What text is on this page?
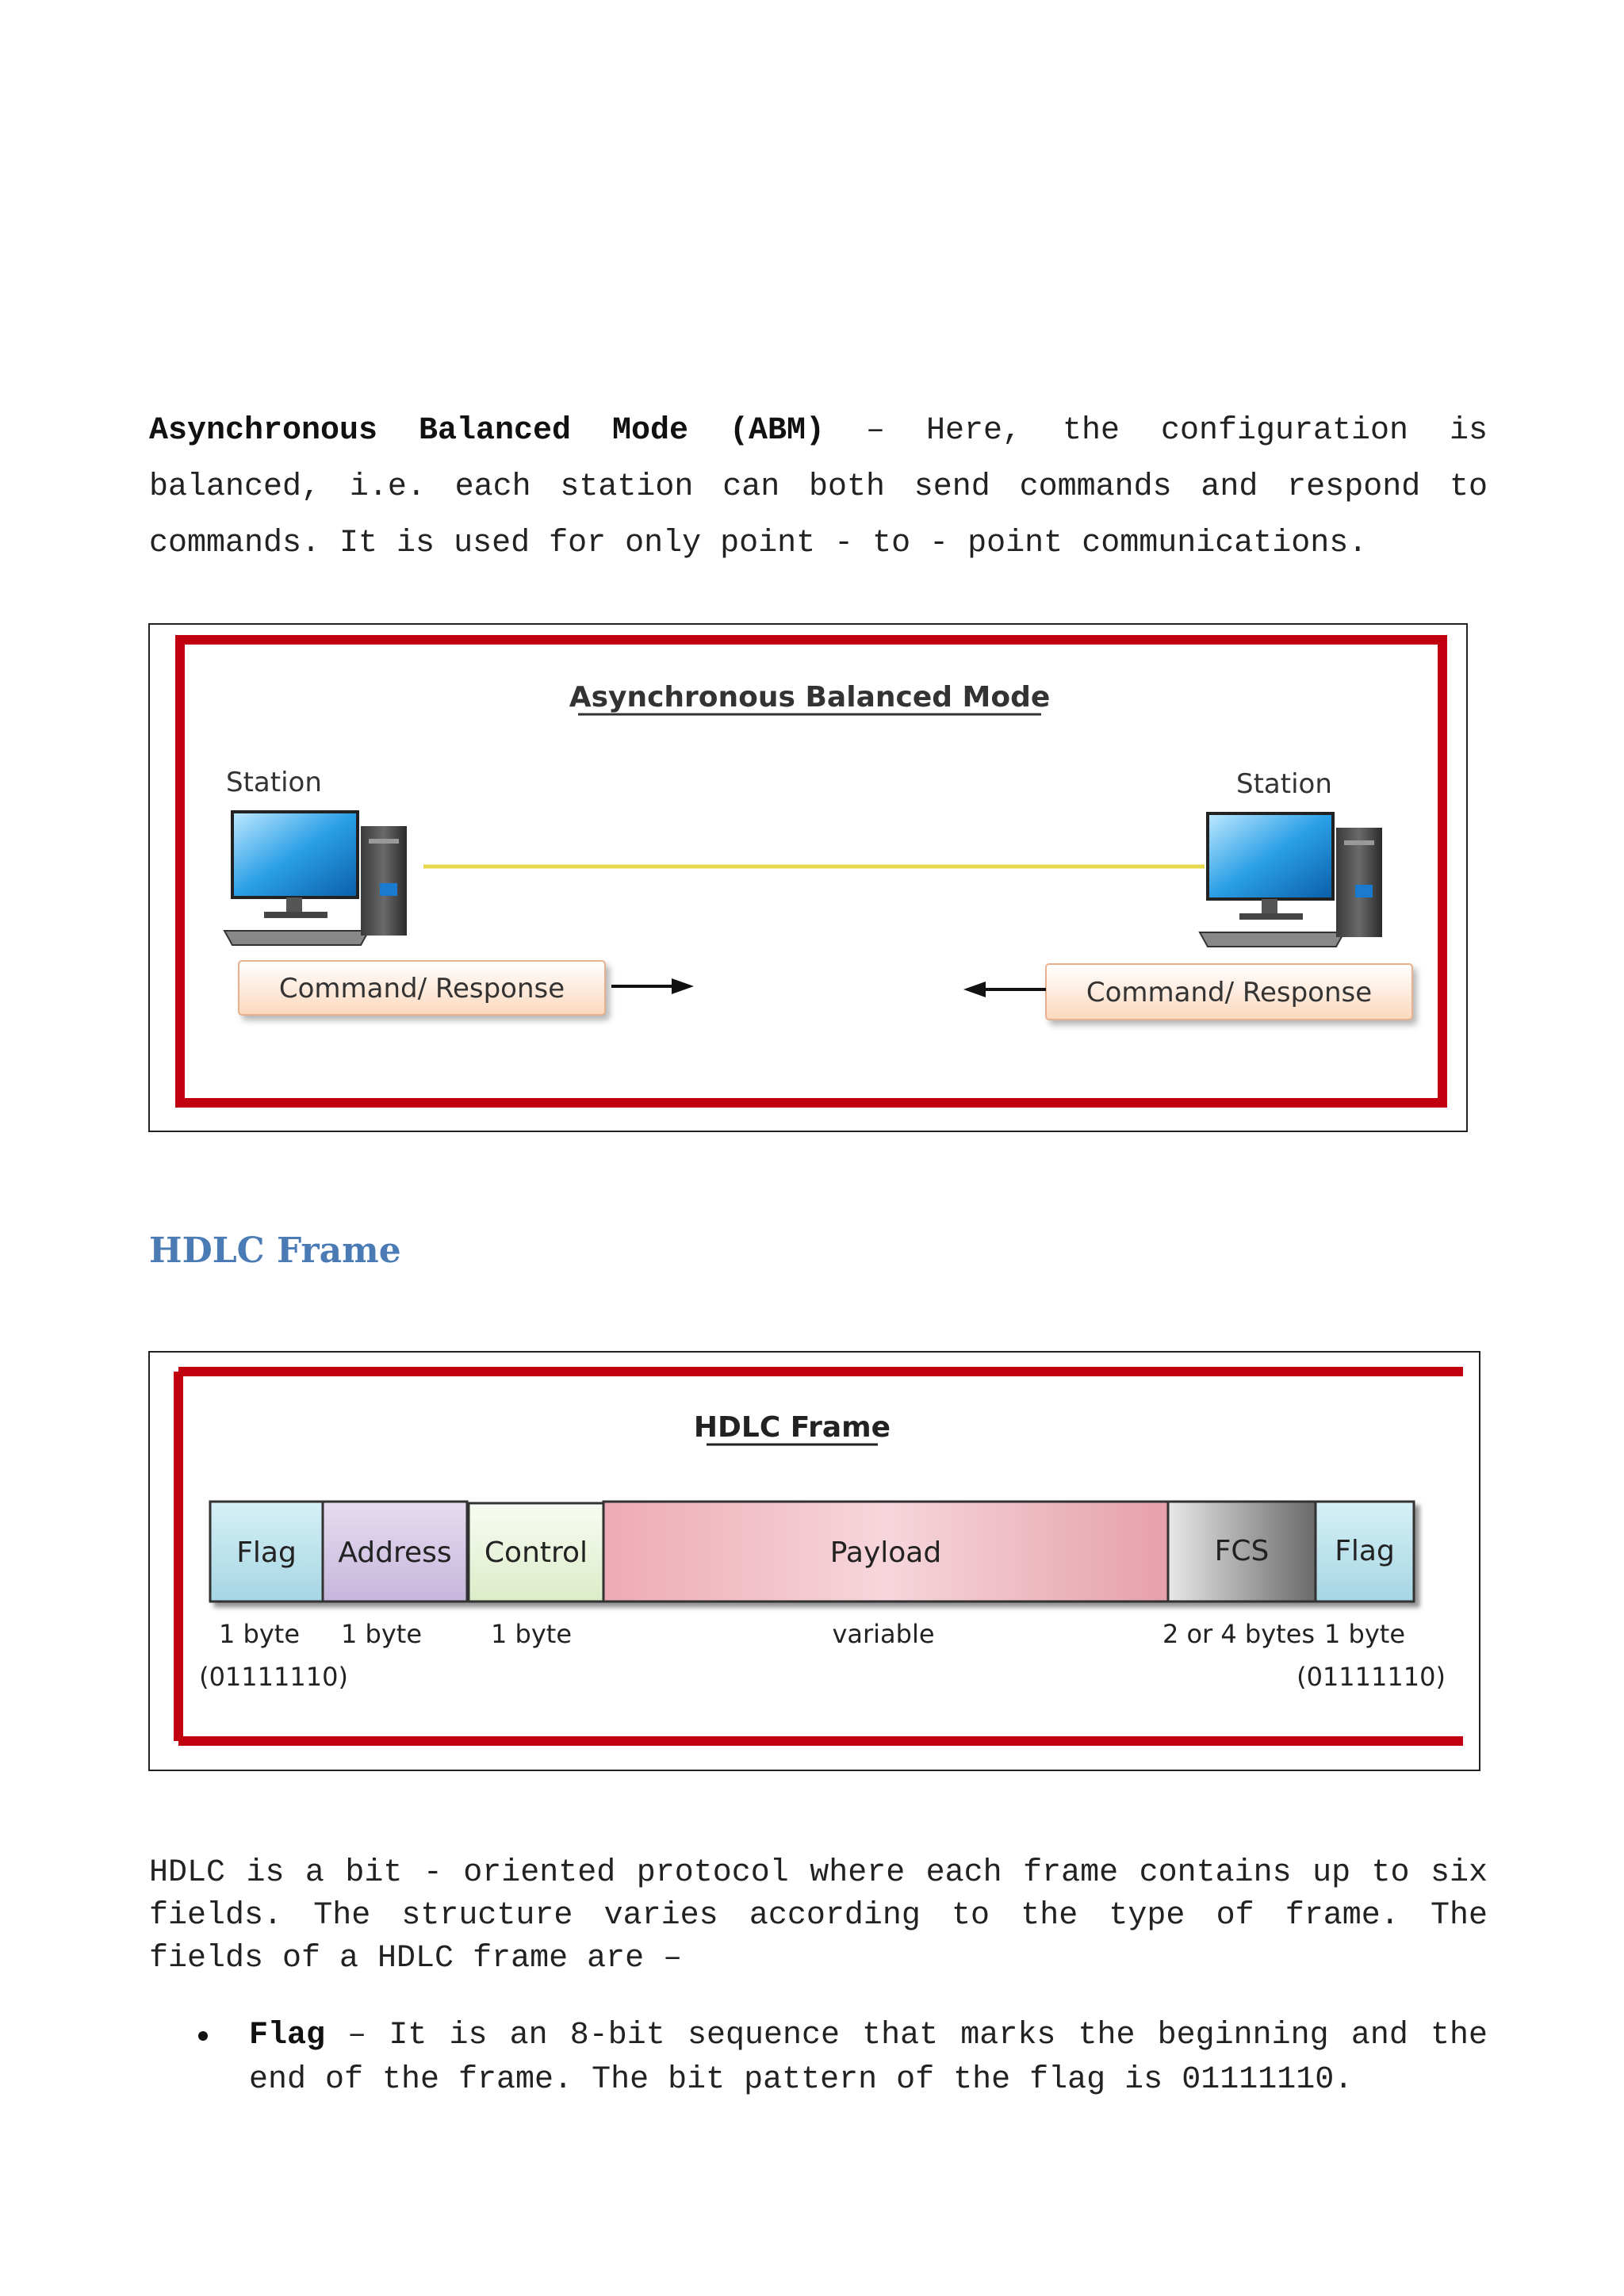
Asynchronous Balanced Mode (ABM) – Here, the configuration is balanced, i.e. each station can both send commands and respond to commands. It is used for only point - to - point communications.

Asynchronous Balanced Mode
Station	Station
Command/ Response	Command/ Response
HDLC Frame
HDLC Frame
Flag Address Control	Payload	FCS Flag
1 byte 1 byte	1 byte	variable	2 or 4 bytes 1 byte
(01111110)	(01111110)

HDLC is a bit - oriented protocol where each frame contains up to six fields. The structure varies according to the type of frame. The fields of a HDLC frame are –

Flag – It is an 8-bit sequence that marks the beginning and the end of the frame. The bit pattern of the flag is 01111110.
